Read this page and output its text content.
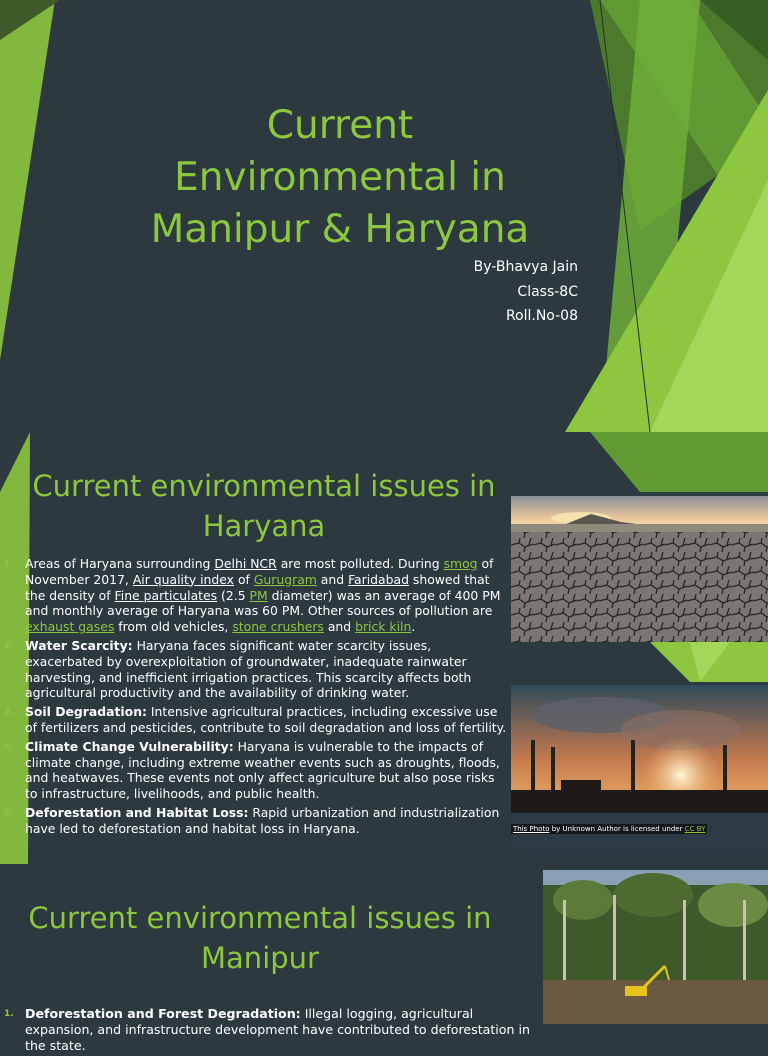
Current
Environmental in
Manipur & Haryana
By-Bhavya Jain
Class-8C
Roll.No-08
Current environmental issues in
Haryana
This Photo by Unknown Author is licensed under CC BY
1. Areas of Haryana surrounding Delhi NCR are most polluted. During smog of November 2017, Air quality index of Gurugram and Faridabad showed that the density of Fine particulates (2.5 PM diameter) was an average of 400 PM and monthly average of Haryana was 60 PM. Other sources of pollution are exhaust gases from old vehicles, stone crushers and brick kiln.
2. Water Scarcity: Haryana faces significant water scarcity issues, exacerbated by overexploitation of groundwater, inadequate rainwater harvesting, and inefficient irrigation practices. This scarcity affects both agricultural productivity and the availability of drinking water.
3. Soil Degradation: Intensive agricultural practices, including excessive use of fertilizers and pesticides, contribute to soil degradation and loss of fertility.
4. Climate Change Vulnerability: Haryana is vulnerable to the impacts of climate change, including extreme weather events such as droughts, floods, and heatwaves. These events not only affect agriculture but also pose risks to infrastructure, livelihoods, and public health.
5. Deforestation and Habitat Loss: Rapid urbanization and industrialization have led to deforestation and habitat loss in Haryana.
Current environmental issues in
Manipur
1. Deforestation and Forest Degradation: Illegal logging, agricultural expansion, and infrastructure development have contributed to deforestation in the state.
